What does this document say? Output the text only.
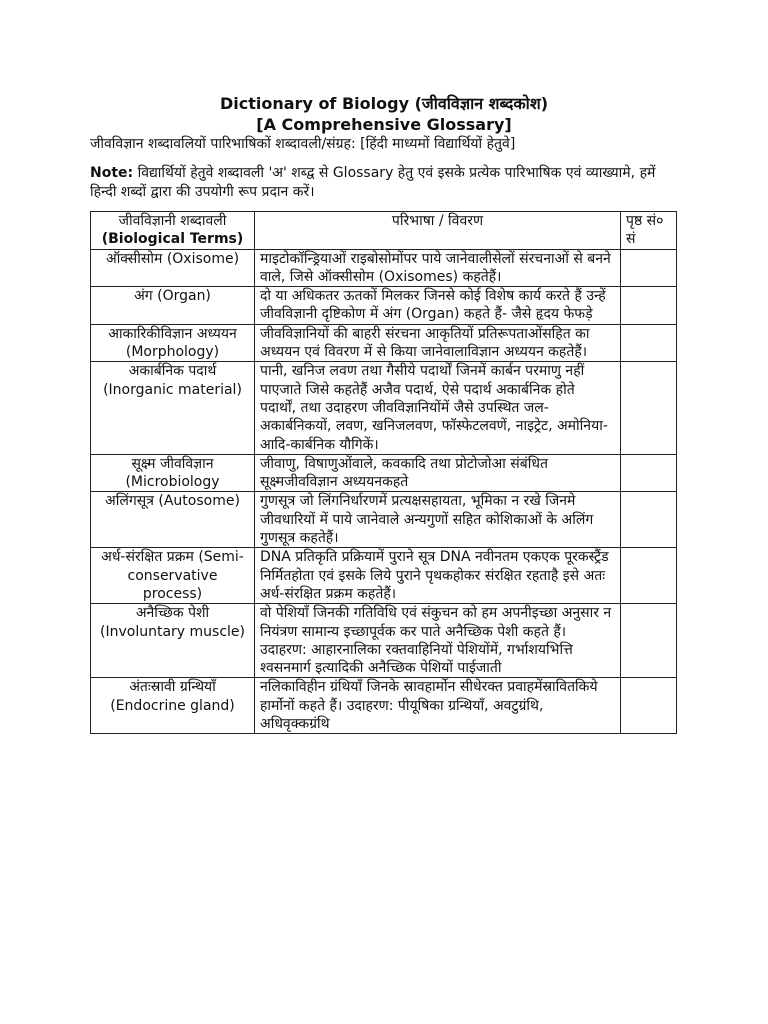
Dictionary of Biology (जीवविज्ञान शब्दकोश)
[A Comprehensive Glossary]
जीवविज्ञान शब्दावलियों पारिभाषिकों शब्दावली/संग्रह: [हिंदी माध्यमों विद्यार्थियों हेतुवे]
Note: विद्यार्थियों हेतुवे शब्दावली 'अ' शब्द्व से Glossary हेतु एवं इसके प्रत्येक पारिभाषिक एवं व्याख्यामे, हमें हिन्दी शब्दों द्वारा की उपयोगी रूप प्रदान करें।
जीवविज्ञानी शब्दावली
(Biological Terms)	परिभाषा / विवरण	पृष्ठ सं० सं
ऑक्सीसोम (Oxisome)	माइटोकॉन्ड्रियाओं राइबोसोमोंपर पाये जानेवालीसेलों संरचनाओं से बनने वाले, जिसे ऑक्सीसोम (Oxisomes) कहतेहैं।	
अंग (Organ)	दो या अधिकतर ऊतकों मिलकर जिनसे कोई विशेष कार्य करते हैं उन्हें जीवविज्ञानी दृष्टिकोण में अंग (Organ) कहते हैं- जैसे हृदय फेफड़े	
आकारिकीविज्ञान अध्ययन (Morphology)	जीवविज्ञानियों की बाहरी संरचना आकृतियों प्रतिरूपताओंसहित का अध्ययन एवं विवरण में से किया जानेवालाविज्ञान अध्ययन कहतेहैं।	
अकार्बनिक पदार्थ (Inorganic material)	पानी, खनिज लवण तथा गैसीये पदार्थों जिनमें कार्बन परमाणु नहीं पाएजाते जिसे कहतेहैं अजैव पदार्थ, ऐसे पदार्थ अकार्बनिक होते पदार्थों, तथा उदाहरण जीवविज्ञानियोंमें जैसे उपस्थित जल- अकार्बनिकयों, लवण, खनिजलवण, फॉस्फेटलवणें, नाइट्रेट, अमोनिया-आदि-कार्बनिक यौगिकें।	
सूक्ष्म जीवविज्ञान (Microbiology	जीवाणु, विषाणुओंवाले, कवकादि तथा प्रोटोजोआ संबंधित सूक्ष्मजीवविज्ञान अध्ययनकहते	
अलिंगसूत्र (Autosome)	गुणसूत्र जो लिंगनिर्धारणमें प्रत्यक्षसहायता, भूमिका न रखे जिनमे जीवधारियों में पाये जानेवाले अन्यगुणों सहित कोशिकाओं के अलिंग गुणसूत्र कहतेहैं।	
अर्ध-संरक्षित प्रक्रम (Semi-conservative process)	DNA प्रतिकृति प्रक्रियामें पुराने सूत्र DNA नवीनतम एकएक पूरकस्ट्रैंड निर्मितहोता एवं इसके लिये पुराने पृथकहोकर संरक्षित रहताहै इसे अतः अर्ध-संरक्षित प्रक्रम कहतेहैं।	
अनैच्छिक पेशी (Involuntary muscle)	वो पेशियाँ जिनकी गतिविधि एवं संकुचन को हम अपनीइच्छा अनुसार न नियंत्रण सामान्य इच्छापूर्वक कर पाते अनैच्छिक पेशी कहते हैं। उदाहरण: आहारनालिका रक्तवाहिनियों पेशियोंमें, गर्भाशयभित्ति श्वसनमार्ग इत्यादिकी अनैच्छिक पेशियों पाईजाती	
अंतःस्रावी ग्रन्थियाँ (Endocrine gland)	नलिकाविहीन ग्रंथियाँ जिनके स्रावहार्मोन सीधेरक्त प्रवाहमेंस्रावितकिये हार्मोनों कहते हैं। उदाहरण: पीयूषिका ग्रन्थियाँ, अवटुग्रंथि, अधिवृक्कग्रंथि	
